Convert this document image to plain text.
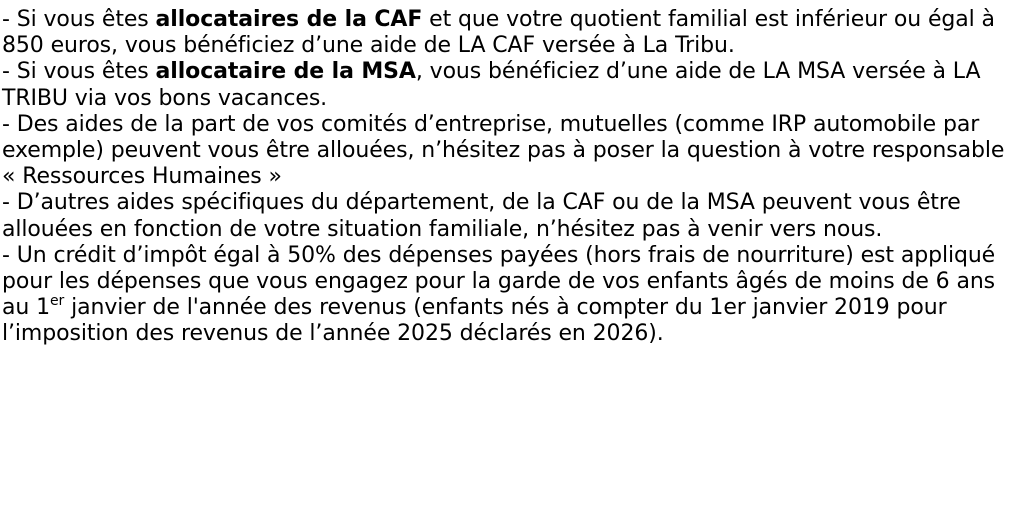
- Si vous êtes allocataires de la CAF et que votre quotient familial est inférieur ou égal à 850 euros, vous bénéficiez d’une aide de LA CAF versée à La Tribu.

- Si vous êtes allocataire de la MSA, vous bénéficiez d’une aide de LA MSA versée à LA TRIBU via vos bons vacances.

- Des aides de la part de vos comités d’entreprise, mutuelles (comme IRP automobile par exemple) peuvent vous être allouées, n’hésitez pas à poser la question à votre responsable « Ressources Humaines »

- D’autres aides spécifiques du département, de la CAF ou de la MSA peuvent vous être allouées en fonction de votre situation familiale, n’hésitez pas à venir vers nous.

- Un crédit d’impôt égal à 50% des dépenses payées (hors frais de nourriture) est appliqué pour les dépenses que vous engagez pour la garde de vos enfants âgés de moins de 6 ans au 1er janvier de l'année des revenus (enfants nés à compter du 1er janvier 2019 pour l’imposition des revenus de l’année 2025 déclarés en 2026).
